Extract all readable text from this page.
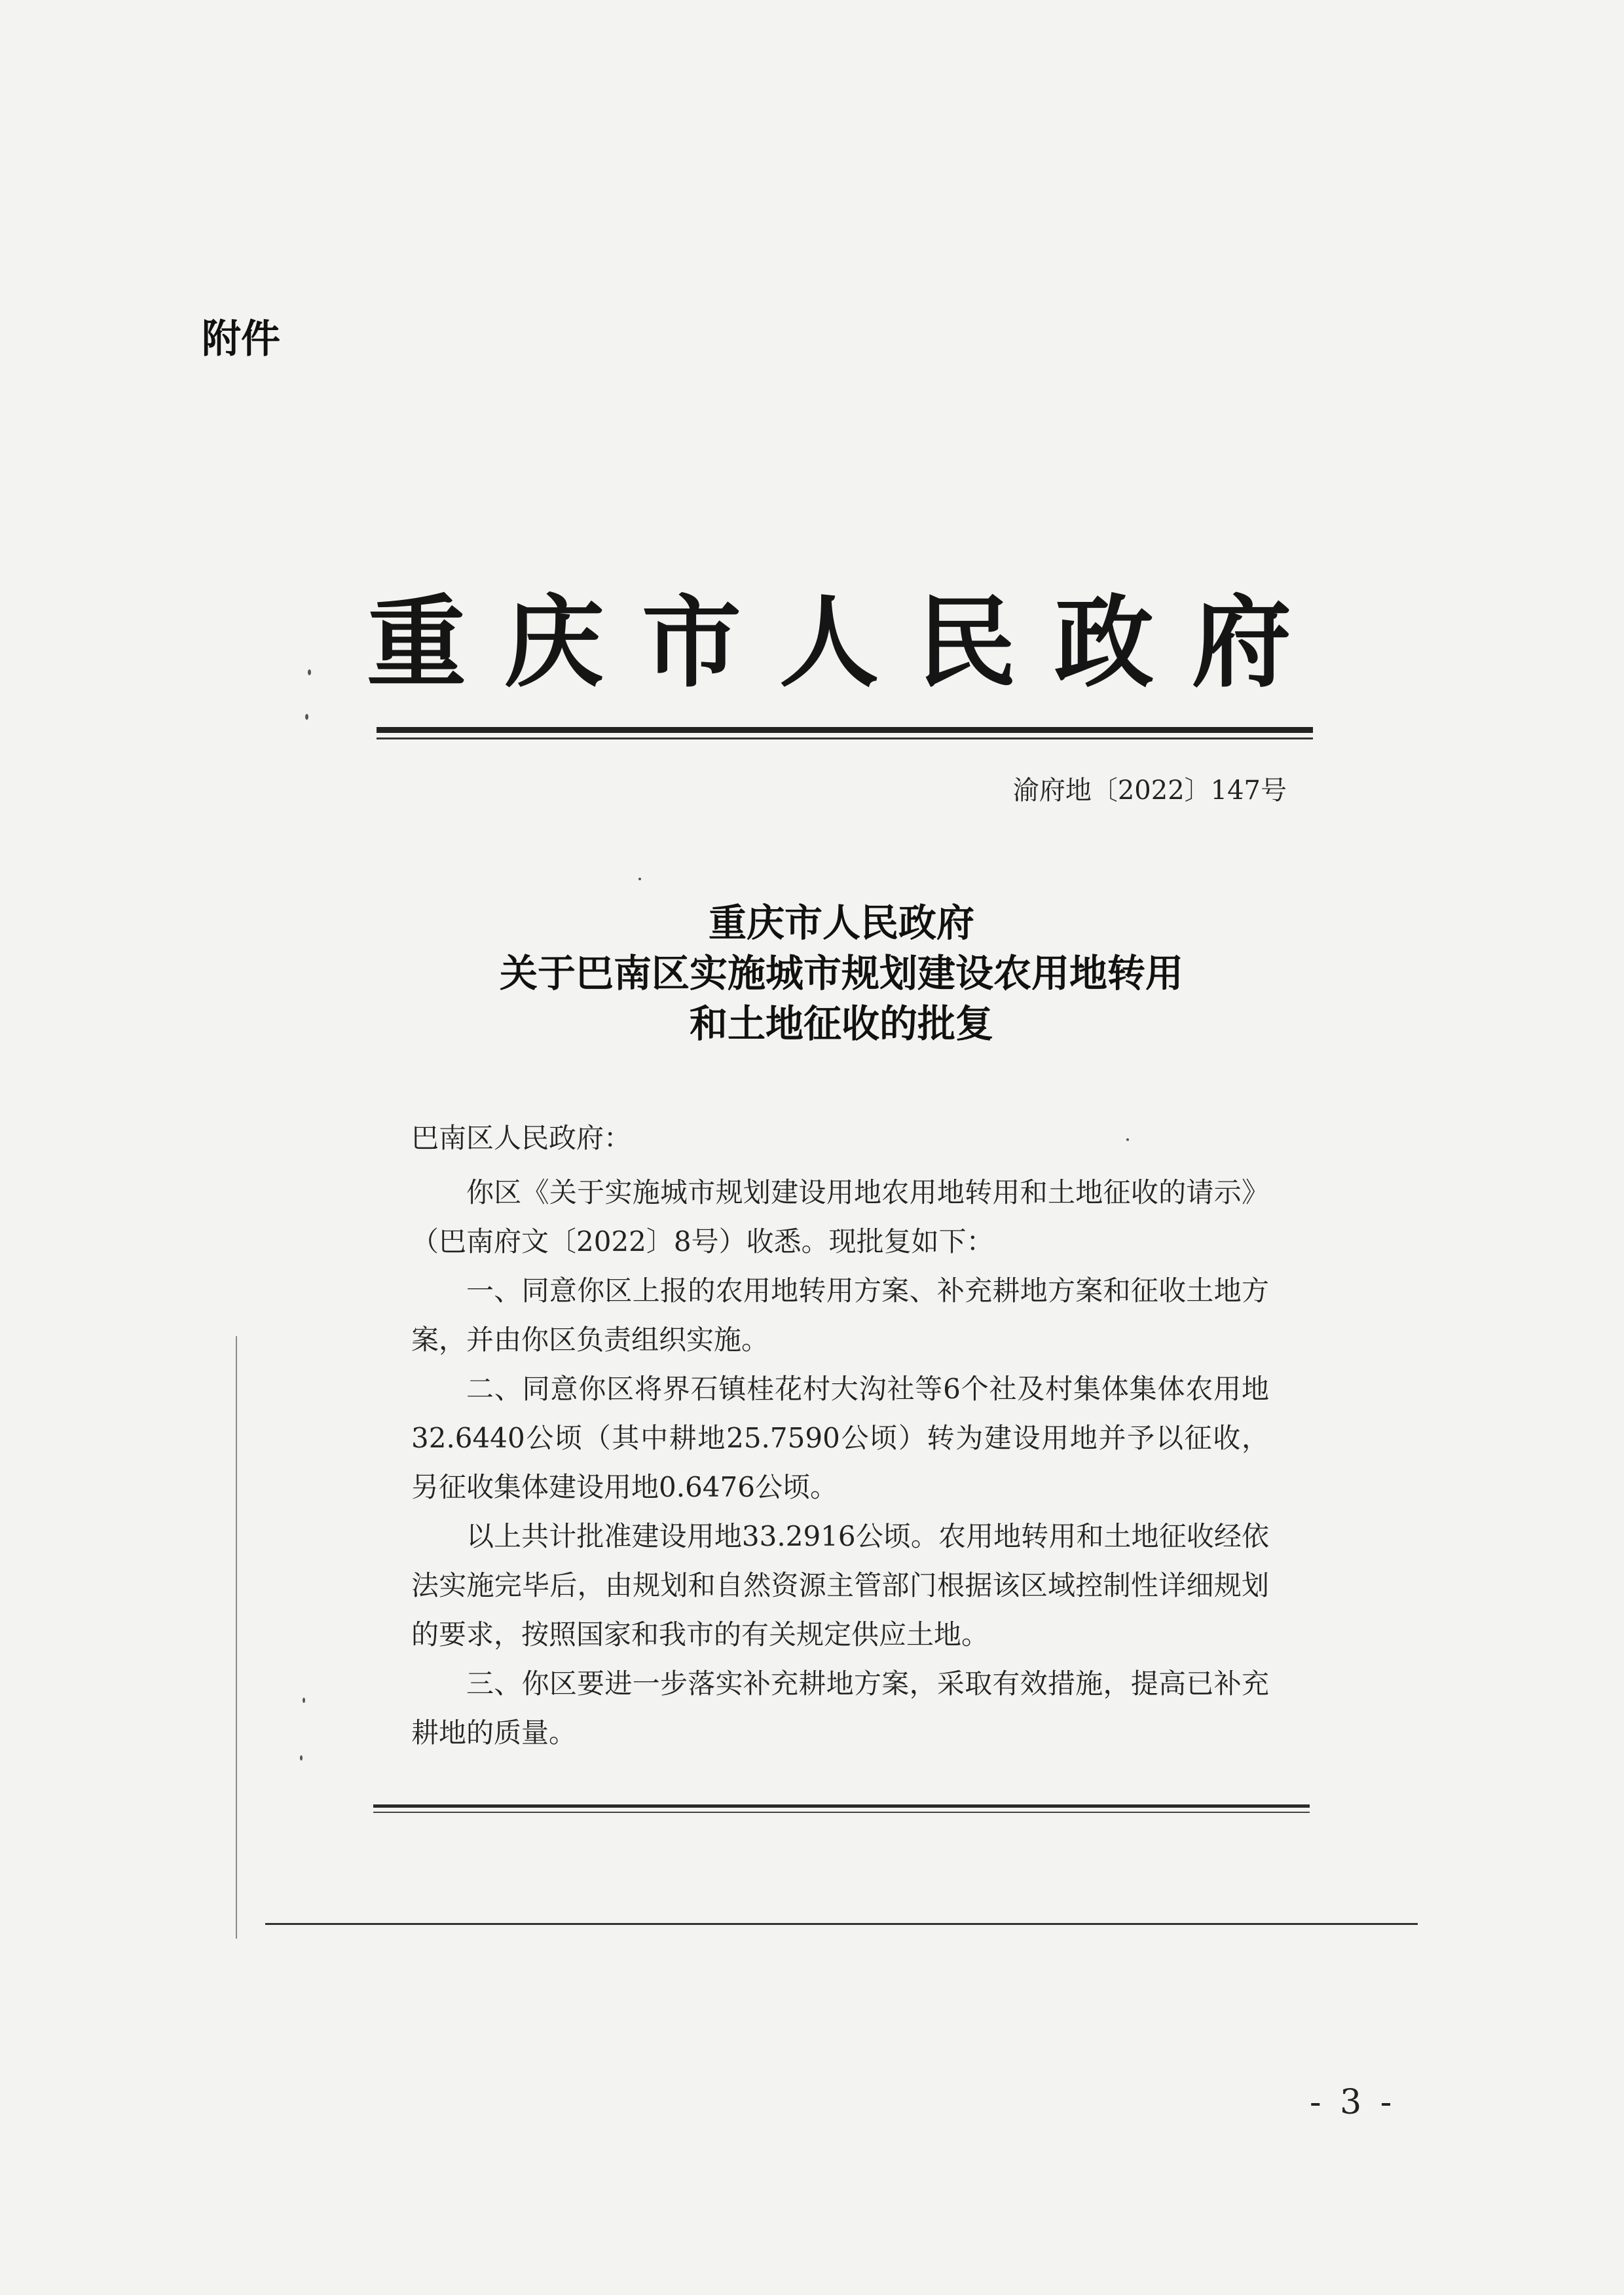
附件
重庆市人民政府
渝府地〔2022〕147号
重庆市人民政府
关于巴南区实施城市规划建设农用地转用
和土地征收的批复
巴南区人民政府：
你区《关于实施城市规划建设用地农用地转用和土地征收的请示》（巴南府文〔2022〕8号）收悉。现批复如下：
一、同意你区上报的农用地转用方案、补充耕地方案和征收土地方案，并由你区负责组织实施。
二、同意你区将界石镇桂花村大沟社等6个社及村集体集体农用地32.6440公顷（其中耕地25.7590公顷）转为建设用地并予以征收，另征收集体建设用地0.6476公顷。
以上共计批准建设用地33.2916公顷。农用地转用和土地征收经依法实施完毕后，由规划和自然资源主管部门根据该区域控制性详细规划的要求，按照国家和我市的有关规定供应土地。
三、你区要进一步落实补充耕地方案，采取有效措施，提高已补充耕地的质量。
- 3 -
